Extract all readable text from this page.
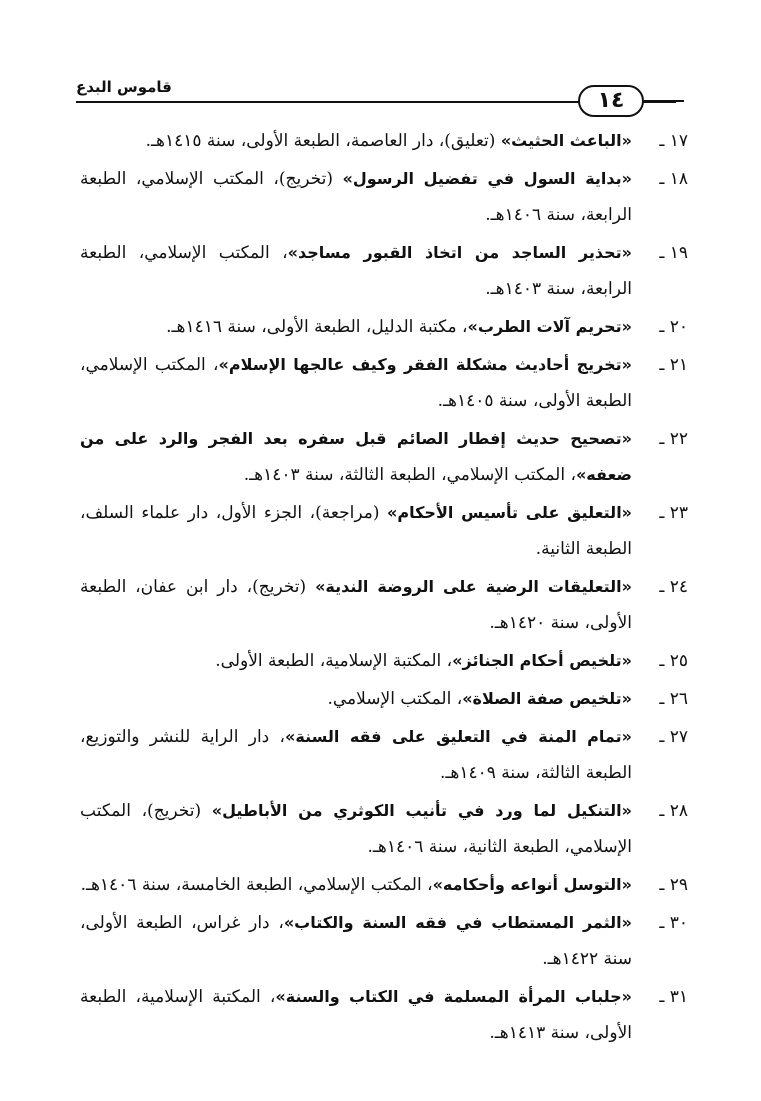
قاموس البدع
١٤
١٧ ـ
«الباعث الحثيث» (تعليق)، دار العاصمة، الطبعة الأولى، سنة ١٤١٥هـ.
١٨ ـ
«بداية السول في تفضيل الرسول» (تخريج)، المكتب الإسلامي، الطبعة الرابعة، سنة ١٤٠٦هـ.
١٩ ـ
«تحذير الساجد من اتخاذ القبور مساجد»، المكتب الإسلامي، الطبعة الرابعة، سنة ١٤٠٣هـ.
٢٠ ـ
«تحريم آلات الطرب»، مكتبة الدليل، الطبعة الأولى، سنة ١٤١٦هـ.
٢١ ـ
«تخريج أحاديث مشكلة الفقر وكيف عالجها الإسلام»، المكتب الإسلامي، الطبعة الأولى، سنة ١٤٠٥هـ.
٢٢ ـ
«تصحيح حديث إفطار الصائم قبل سفره بعد الفجر والرد على من ضعفه»، المكتب الإسلامي، الطبعة الثالثة، سنة ١٤٠٣هـ.
٢٣ ـ
«التعليق على تأسيس الأحكام» (مراجعة)، الجزء الأول، دار علماء السلف، الطبعة الثانية.
٢٤ ـ
«التعليقات الرضية على الروضة الندية» (تخريج)، دار ابن عفان، الطبعة الأولى، سنة ١٤٢٠هـ.
٢٥ ـ
«تلخيص أحكام الجنائز»، المكتبة الإسلامية، الطبعة الأولى.
٢٦ ـ
«تلخيص صفة الصلاة»، المكتب الإسلامي.
٢٧ ـ
«تمام المنة في التعليق على فقه السنة»، دار الراية للنشر والتوزيع، الطبعة الثالثة، سنة ١٤٠٩هـ.
٢٨ ـ
«التنكيل لما ورد في تأنيب الكوثري من الأباطيل» (تخريج)، المكتب الإسلامي، الطبعة الثانية، سنة ١٤٠٦هـ.
٢٩ ـ
«التوسل أنواعه وأحكامه»، المكتب الإسلامي، الطبعة الخامسة، سنة ١٤٠٦هـ.
٣٠ ـ
«الثمر المستطاب في فقه السنة والكتاب»، دار غراس، الطبعة الأولى، سنة ١٤٢٢هـ.
٣١ ـ
«جلباب المرأة المسلمة في الكتاب والسنة»، المكتبة الإسلامية، الطبعة الأولى، سنة ١٤١٣هـ.
